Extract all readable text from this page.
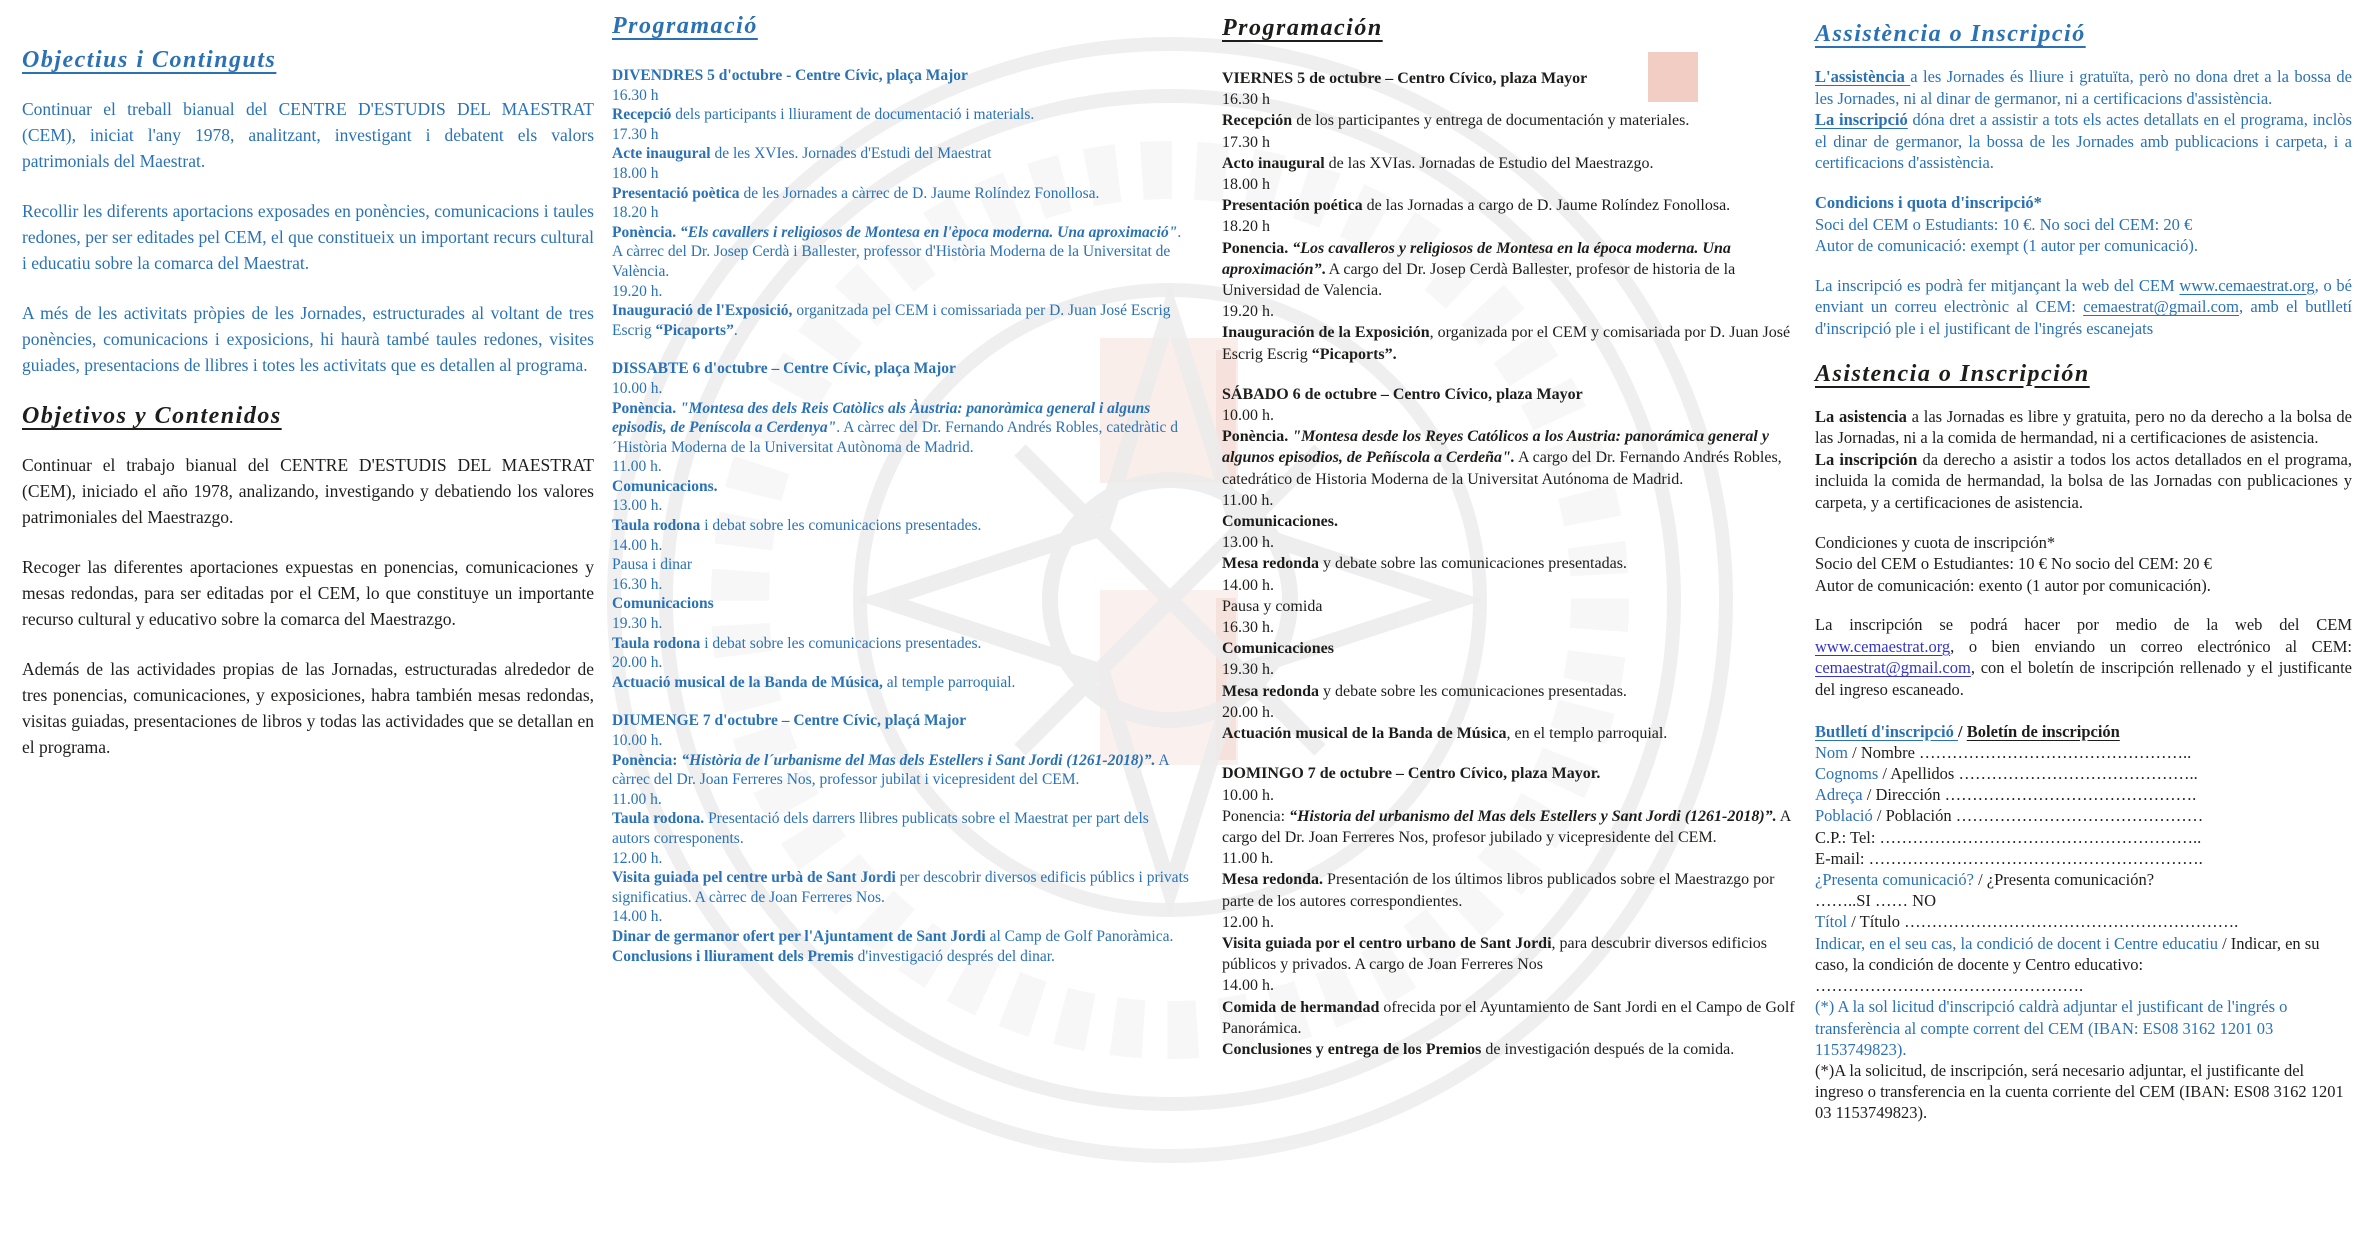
Objectius i Continguts

Continuar el treball bianual del CENTRE D'ESTUDIS DEL MAESTRAT (CEM), iniciat l'any 1978, analitzant, investigant i debatent els valors patrimonials del Maestrat.

Recollir les diferents aportacions exposades en ponències, comunicacions i taules redones, per ser editades pel CEM, el que constitueix un important recurs cultural i educatiu sobre la comarca del Maestrat.

A més de les activitats pròpies de les Jornades, estructurades al voltant de tres ponències, comunicacions i exposicions, hi haurà també taules redones, visites guiades, presentacions de llibres i totes les activitats que es detallen al programa.

Objetivos y Contenidos

Continuar el trabajo bianual del CENTRE D'ESTUDIS DEL MAESTRAT (CEM), iniciado el año 1978, analizando, investigando y debatiendo los valores patrimoniales del Maestrazgo.

Recoger las diferentes aportaciones expuestas en ponencias, comunicaciones y mesas redondas, para ser editadas por el CEM, lo que constituye un importante recurso cultural y educativo sobre la comarca del Maestrazgo.

Además de las actividades propias de las Jornadas, estructuradas alrededor de tres ponencias, comunicaciones, y exposiciones, habra también mesas redondas, visitas guiadas, presentaciones de libros y todas las actividades que se detallan en el programa.

Programació
DIVENDRES 5 d'octubre - Centre Cívic, plaça Major
16.30 h
Recepció dels participants i lliurament de documentació i materials.
17.30 h
Acte inaugural de les XVIes. Jornades d'Estudi del Maestrat
18.00 h
Presentació poètica de les Jornades a càrrec de D. Jaume Rolíndez Fonollosa.
18.20 h
Ponència. “Els cavallers i religiosos de Montesa en l'època moderna. Una aproximació". A càrrec del Dr. Josep Cerdà i Ballester, professor d'Història Moderna de la Universitat de València.
19.20 h.
Inauguració de l'Exposició, organitzada pel CEM i comissariada per D. Juan José Escrig Escrig “Picaports”.
DISSABTE 6 d'octubre – Centre Cívic, plaça Major
10.00 h.
Ponència. "Montesa des dels Reis Catòlics als Àustria: panoràmica general i alguns episodis, de Peníscola a Cerdenya". A càrrec del Dr. Fernando Andrés Robles, catedràtic d´Història Moderna de la Universitat Autònoma de Madrid.
11.00 h.
Comunicacions.
13.00 h.
Taula rodona i debat sobre les comunicacions presentades.
14.00 h.
Pausa i dinar
16.30 h.
Comunicacions
19.30 h.
Taula rodona i debat sobre les comunicacions presentades.
20.00 h.
Actuació musical de la Banda de Música, al temple parroquial.
DIUMENGE 7 d'octubre – Centre Cívic, plaçá Major
10.00 h.
Ponència: “Història de l´urbanisme del Mas dels Estellers i Sant Jordi (1261-2018)”. A càrrec del Dr. Joan Ferreres Nos, professor jubilat i vicepresident del CEM.
11.00 h.
Taula rodona. Presentació dels darrers llibres publicats sobre el Maestrat per part dels autors corresponents.
12.00 h.
Visita guiada pel centre urbà de Sant Jordi per descobrir diversos edificis públics i privats significatius. A càrrec de Joan Ferreres Nos.
14.00 h.
Dinar de germanor ofert per l'Ajuntament de Sant Jordi al Camp de Golf Panoràmica.
Conclusions i lliurament dels Premis d'investigació després del dinar.
Programación
VIERNES 5 de octubre – Centro Cívico, plaza Mayor
16.30 h
Recepción de los participantes y entrega de documentación y materiales.
17.30 h
Acto inaugural de las XVIas. Jornadas de Estudio del Maestrazgo.
18.00 h
Presentación poética de las Jornadas a cargo de D. Jaume Rolíndez Fonollosa.
18.20 h
Ponencia. “Los cavalleros y religiosos de Montesa en la época moderna. Una aproximación”. A cargo del Dr. Josep Cerdà Ballester, profesor de historia de la Universidad de Valencia.
19.20 h.
Inauguración de la Exposición, organizada por el CEM y comisariada por D. Juan José Escrig Escrig “Picaports”.
SÁBADO 6 de octubre – Centro Cívico, plaza Mayor
10.00 h.
Ponència. "Montesa desde los Reyes Católicos a los Austria: panorámica general y algunos episodios, de Peñíscola a Cerdeña". A cargo del Dr. Fernando Andrés Robles, catedrático de Historia Moderna de la Universitat Autónoma de Madrid.
11.00 h.
Comunicaciones.
13.00 h.
Mesa redonda y debate sobre las comunicaciones presentadas.
14.00 h.
Pausa y comida
16.30 h.
Comunicaciones
19.30 h.
Mesa redonda y debate sobre les comunicaciones presentadas.
20.00 h.
Actuación musical de la Banda de Música, en el templo parroquial.
DOMINGO 7 de octubre – Centro Cívico, plaza Mayor.
10.00 h.
Ponencia: “Historia del urbanismo del Mas dels Estellers y Sant Jordi (1261-2018)”. A cargo del Dr. Joan Ferreres Nos, profesor jubilado y vicepresidente del CEM.
11.00 h.
Mesa redonda. Presentación de los últimos libros publicados sobre el Maestrazgo por parte de los autores correspondientes.
12.00 h.
Visita guiada por el centro urbano de Sant Jordi, para descubrir diversos edificios públicos y privados. A cargo de Joan Ferreres Nos
14.00 h.
Comida de hermandad ofrecida por el Ayuntamiento de Sant Jordi en el Campo de Golf Panorámica.
Conclusiones y entrega de los Premios de investigación después de la comida.
Assistència o Inscripció

L'assistència a les Jornades és lliure i gratuïta, però no dona dret a la bossa de les Jornades, ni al dinar de germanor, ni a certificacions d'assistència.

La inscripció dóna dret a assistir a tots els actes detallats en el programa, inclòs el dinar de germanor, la bossa de les Jornades amb publicacions i carpeta, i a certificacions d'assistència.

Condicions i quota d'inscripció*
Soci del CEM o Estudiants: 10 €. No soci del CEM: 20 €
Autor de comunicació: exempt (1 autor per comunicació).

La inscripció es podrà fer mitjançant la web del CEM www.cemaestrat.org, o bé enviant un correu electrònic al CEM: cemaestrat@gmail.com, amb el butlletí d'inscripció ple i el justificant de l'ingrés escanejats

Asistencia o Inscripción

La asistencia a las Jornadas es libre y gratuita, pero no da derecho a la bolsa de las Jornadas, ni a la comida de hermandad, ni a certificaciones de asistencia.

La inscripción da derecho a asistir a todos los actos detallados en el programa, incluida la comida de hermandad, la bolsa de las Jornadas con publicaciones y carpeta, y a certificaciones de asistencia.

Condiciones y cuota de inscripción*
Socio del CEM o Estudiantes: 10 € No socio del CEM: 20 €
Autor de comunicación: exento (1 autor por comunicación).

La inscripción se podrá hacer por medio de la web del CEM www.cemaestrat.org, o bien enviando un correo electrónico al CEM: cemaestrat@gmail.com, con el boletín de inscripción rellenado y el justificante del ingreso escaneado.

Butlletí d'inscripció / Boletín de inscripción
Nom / Nombre …………………………………………..
Cognoms / Apellidos ……………………………………..
Adreça / Dirección ……………………………………….
Població / Población ………………………………………
C.P.: Tel: …………………………………………………..
E-mail: …………………………………………………….
¿Presenta comunicació? / ¿Presenta comunicación?
……..SI …… NO
Títol / Título …………………………………………………….
Indicar, en el seu cas, la condició de docent i Centre educatiu / Indicar, en su caso, la condición de docente y Centro educativo:
………………………………………….
(*) A la sol licitud d'inscripció caldrà adjuntar el justificant de l'ingrés o transferència al compte corrent del CEM (IBAN: ES08 3162 1201 03 1153749823).
(*)A la solicitud, de inscripción, será necesario adjuntar, el justificante del ingreso o transferencia en la cuenta corriente del CEM (IBAN: ES08 3162 1201 03 1153749823).
